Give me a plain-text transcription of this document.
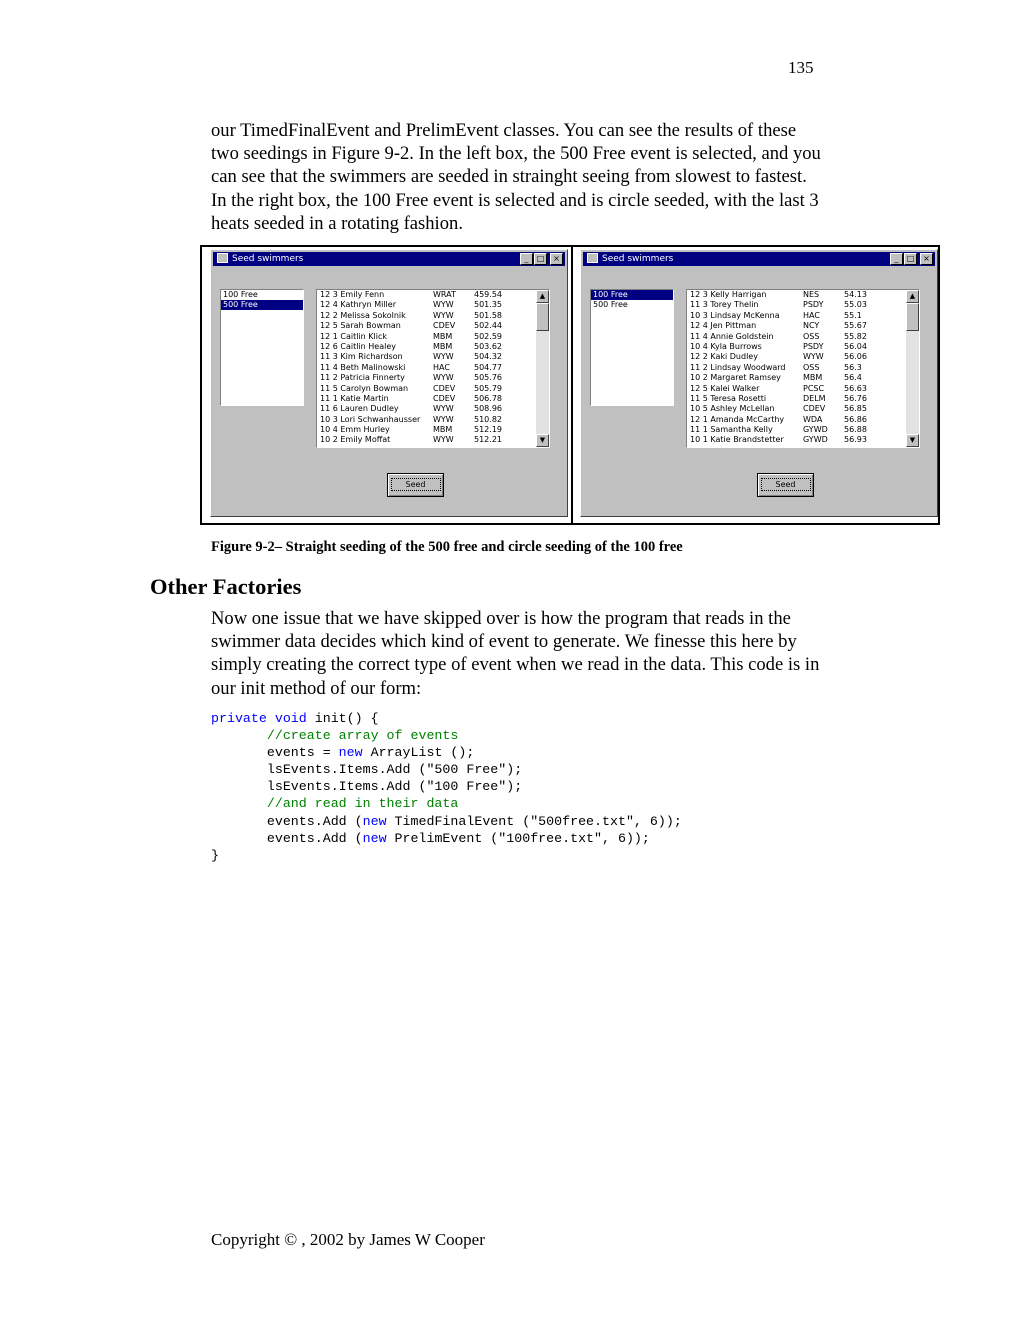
135

our TimedFinalEvent and PrelimEvent classes. You can see the results of these two seedings in Figure 9-2. In the left box, the 500 Free event is selected, and you can see that the swimmers are seeded in strainght seeing from slowest to fastest. In the right box, the 100 Free event is selected and is circle seeded, with the last 3 heats seeded in a rotating fashion.

Seed swimmers	_ □ ×
100 Free
500 Free
12 3 Emily Fenn	WRAT 459.54
12 4 Kathryn Miller	WYW	501.35
12 2 Melissa Sokolnik	WYW	501.58
12 5 Sarah Bowman	CDEV 502.44
12 1 Caitlin Klick	MBM	502.59
12 6 Caitlin Healey	MBM	503.62
11 3 Kim Richardson	WYW	504.32
11 4 Beth Malinowski	HAC	504.77
11 2 Patricia Finnerty	WYW	505.76
11 5 Carolyn Bowman	CDEV 505.79
11 1 Katie Martin	CDEV 506.78
11 6 Lauren Dudley	WYW	508.96
10 3 Lori Schwanhausser WYW	510.82
10 4 Emm Hurley	MBM	512.19
10 2 Emily Moffat	WYW	512.21
▲
▼
Seed
Seed swimmers	_ □ ×
100 Free
500 Free
12 3 Kelly Harrigan	NES	54.13
11 3 Torey Thelin	PSDY	55.03
10 3 Lindsay McKenna	HAC	55.1
12 4 Jen Pittman	NCY	55.67
11 4 Annie Goldstein	OSS	55.82
10 4 Kyla Burrows	PSDY	56.04
12 2 Kaki Dudley	WYW	56.06
11 2 Lindsay Woodward OSS	56.3
10 2 Margaret Ramsey	MBM	56.4
12 5 Kalei Walker	PCSC 56.63
11 5 Teresa Rosetti	DELM 56.76
10 5 Ashley McLellan	CDEV 56.85
12 1 Amanda McCarthy WDA	56.86
11 1 Samantha Kelly	GYWD 56.88
10 1 Katie Brandstetter GYWD 56.93
▲
▼
Seed

Figure 9-2– Straight seeding of the 500 free and circle seeding of the 100 free

Other Factories

Now one issue that we have skipped over is how the program that reads in the swimmer data decides which kind of event to generate. We finesse this here by simply creating the correct type of event when we read in the data. This code is in our init method of our form:

private void init() {
//create array of events
events = new ArrayList ();
lsEvents.Items.Add ("500 Free");
lsEvents.Items.Add ("100 Free");
//and read in their data
events.Add (new TimedFinalEvent ("500free.txt", 6));
events.Add (new PrelimEvent ("100free.txt", 6));
}

Copyright © , 2002 by James W Cooper
